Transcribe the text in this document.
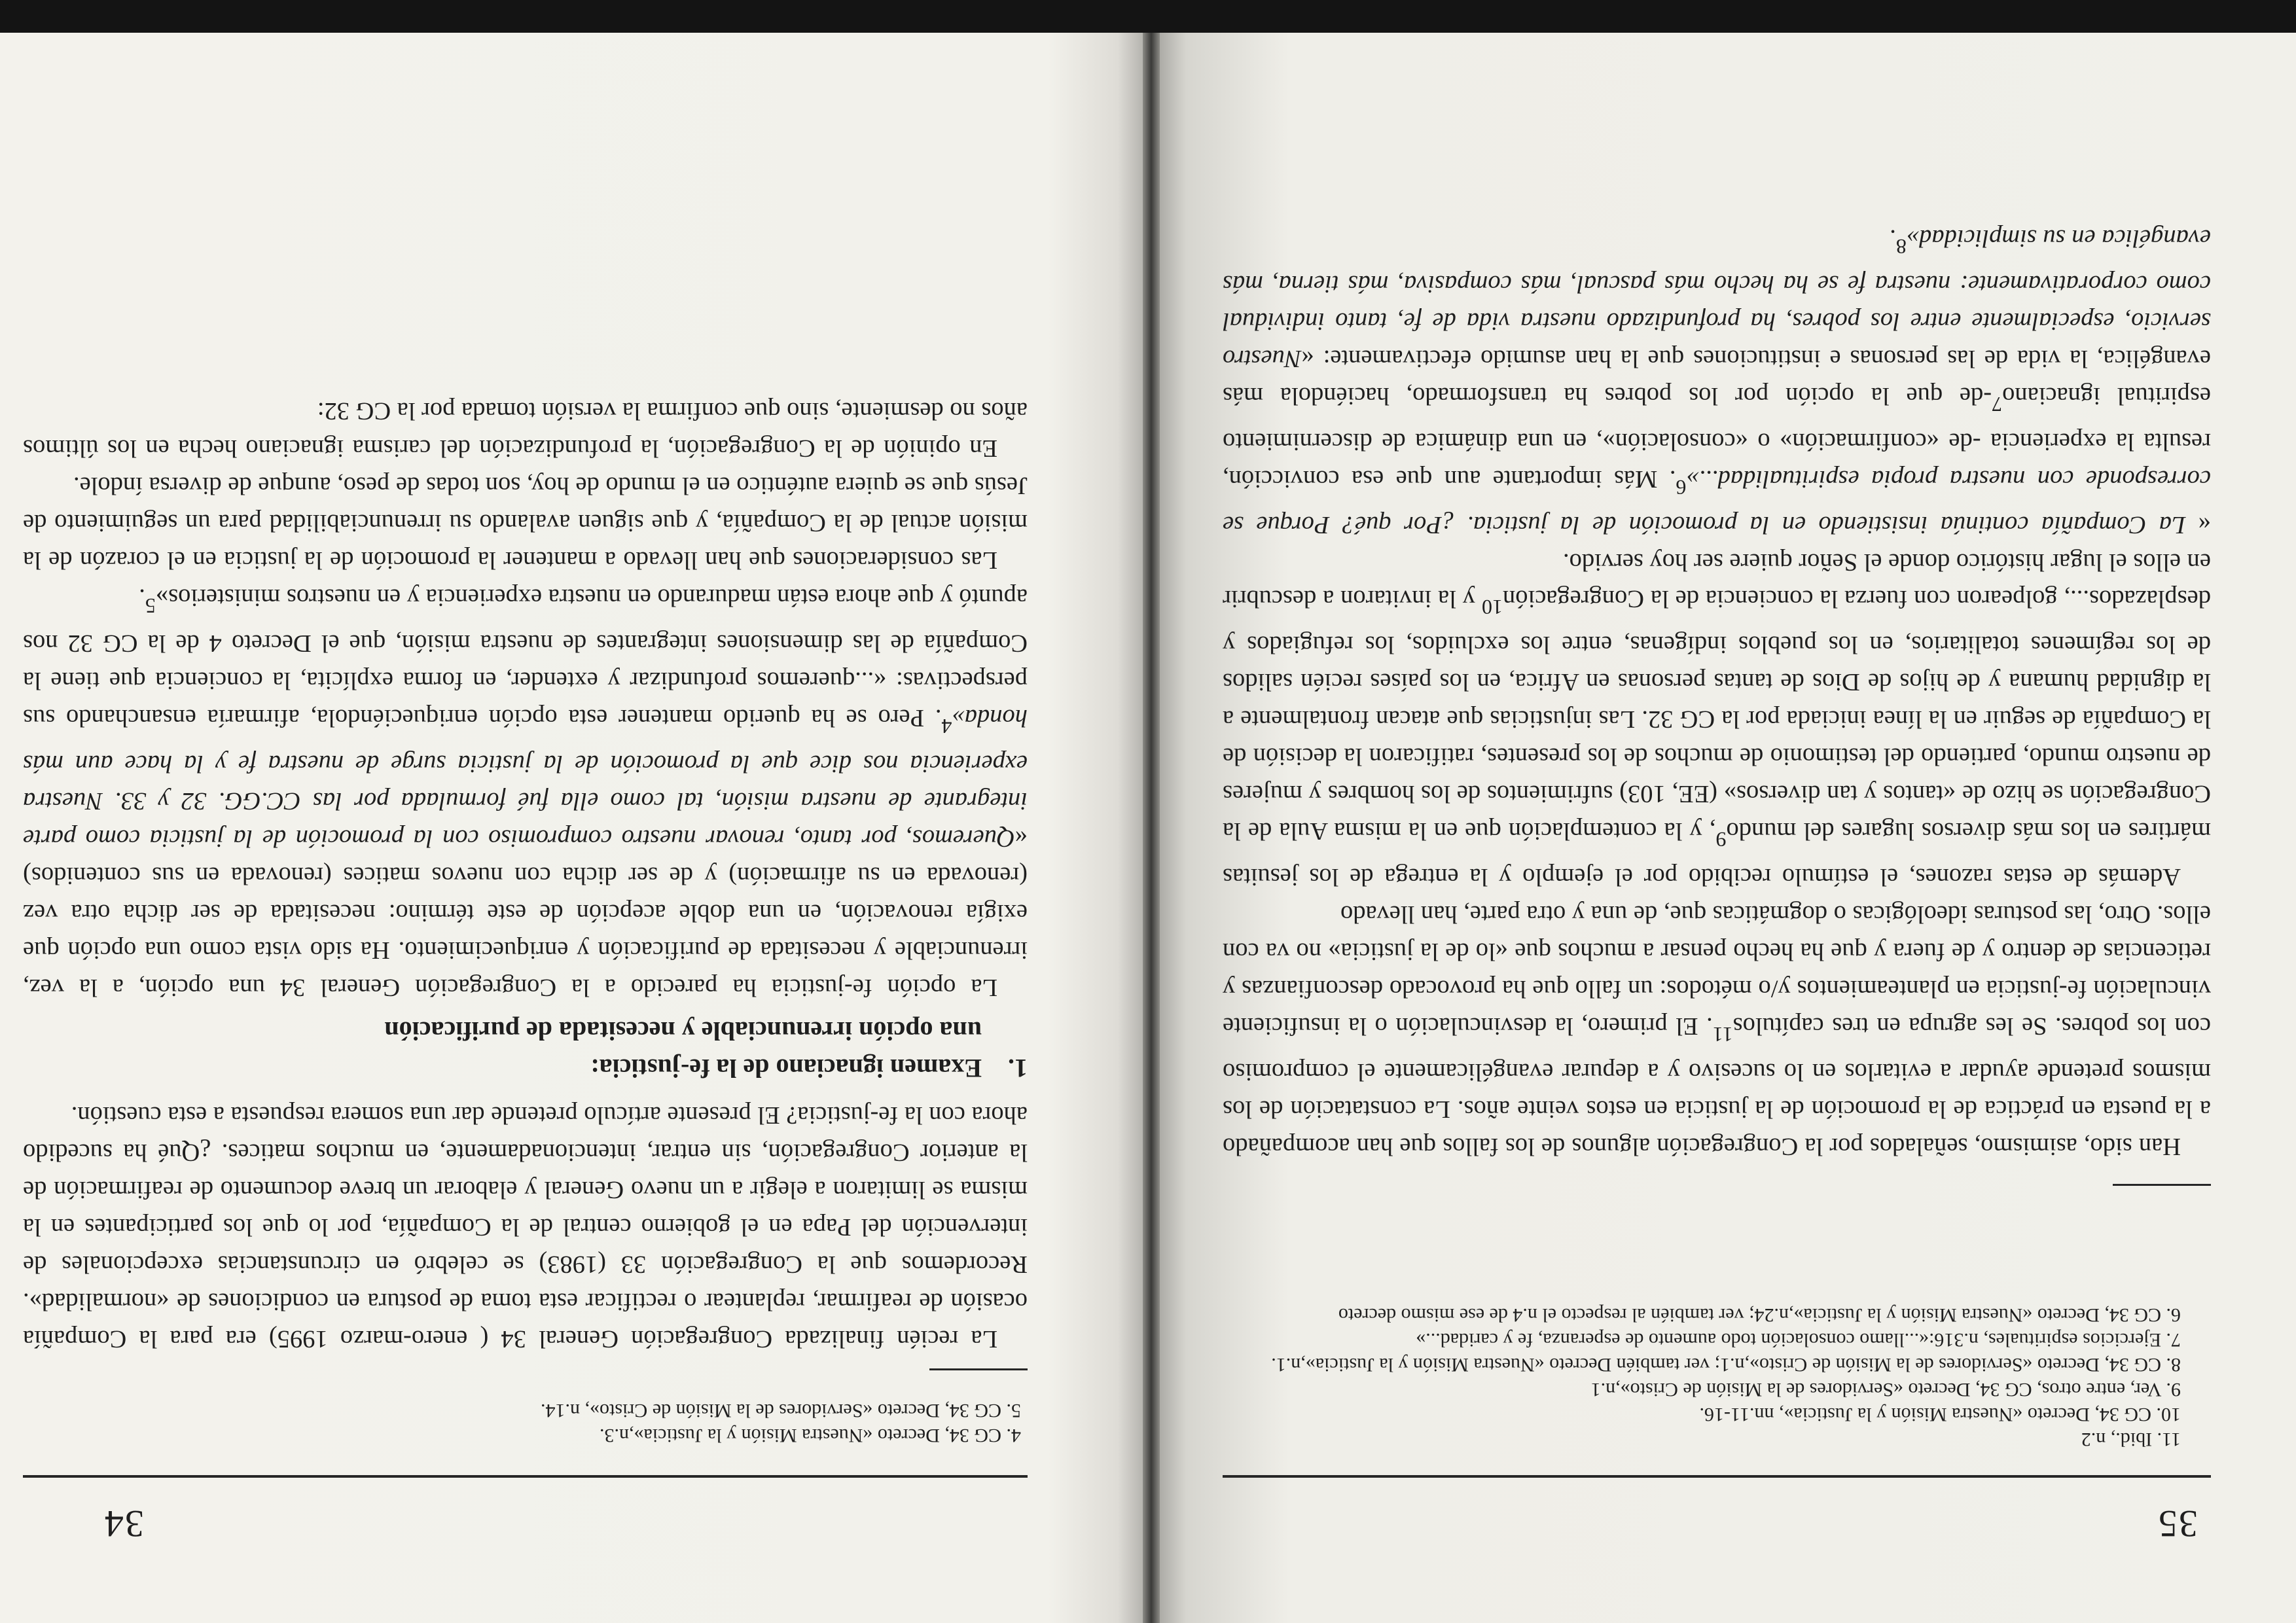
34
4. CG 34, Decreto «Nuestra Misión y la Justicia»,n.3.
5. CG 34, Decreto «Servidores de la Misión de Cristo», n.14.

La recién finalizada Congregación General 34 ( enero-marzo 1995) era para la Compañía ocasión de reafirmar, replantear o rectificar esta toma de postura en condiciones de «normalidad». Recordemos que la Congregación 33 (1983) se celebró en circunstancias excepcionales de intervención del Papa en el gobierno central de la Compañía, por lo que los participantes en la misma se limitaron a elegir a un nuevo General y elaborar un breve documento de reafirmación de la anterior Congregación, sin entrar, intencionadamente, en muchos matices. ¿Qué ha sucedido ahora con la fe-justicia? El presente artículo pretende dar una somera respuesta a esta cuestión.

1.Examen ignaciano de la fe-justicia:
una opción irrenunciable y necesitada de purificación

La opción fe-justicia ha parecido a la Congregación General 34 una opción, a la vez, irrenunciable y necesitada de purificación y enriquecimiento. Ha sido vista como una opción que exigía renovación, en una doble acepción de este término: necesitada de ser dicha otra vez (renovada en su afirmación) y de ser dicha con nuevos matices (renovada en sus contenidos) «Queremos, por tanto, renovar nuestro compromiso con la promoción de la justicia como parte integrante de nuestra misión, tal como ella fué formulada por las CC.GG. 32 y 33. Nuestra experiencia nos dice que la promoción de la justicia surge de nuestra fe y la hace aun más honda»$^4$. Pero se ha querido mantener esta opción enriqueciéndola, afirmaría ensanchando sus perspectivas: «...queremos profundizar y extender, en forma explícita, la conciencia que tiene la Compañía de las dimensiones integrantes de nuestra misión, que el Decreto 4 de la CG 32 nos apuntó y que ahora están madurando en nuestra experiencia y en nuestros ministerios»$^5$.

Las consideraciones que han llevado a mantener la promoción de la justicia en el corazón de la misión actual de la Compañía, y que siguen avalando su irrenunciabilidad para un seguimiento de Jesús que se quiera auténtico en el mundo de hoy, son todas de peso, aunque de diversa índole.

En opinión de la Congregación, la profundización del carisma ignaciano hecha en los últimos años no desmiente, sino que confirma la versión tomada por la CG 32:

35
11. Ibid., n.2
10. CG 34, Decreto «Nuestra Misión y la Justicia», nn.11-16.
9. Ver, entre otros, CG 34, Decreto «Servidores de la Misión de Cristo»,n.1
8. CG 34, Decreto «Servidores de la Misión de Cristo»,n.1; ver también Decreto «Nuestra Misión y la Justicia»,n.1.
7. Ejercicios espirituales, n.316:«...llamo consolación todo aumento de esperanza, fe y caridad...»
6. CG 34, Decreto «Nuestra Misión y la Justicia»,n.24; ver también al respecto el n.4 de ese mismo decreto

Han sido, asimismo, señalados por la Congregación algunos de los fallos que han acompañado a la puesta en práctica de la promoción de la justicia en estos veinte años. La constatación de los mismos pretende ayudar a evitarlos en lo sucesivo y a depurar evangélicamente el compromiso con los pobres. Se les agrupa en tres capítulos$^{11}$. El primero, la desvinculación o la insuficiente vinculación fe-justicia en planteamientos y/o métodos: un fallo que ha provocado desconfianzas y reticencias de dentro y de fuera y que ha hecho pensar a muchos que «lo de la justicia» no va con ellos. Otro, las posturas ideológicas o dogmáticas que, de una y otra parte, han llevado

Además de estas razones, el estímulo recibido por el ejemplo y la entrega de los jesuitas mártires en los más diversos lugares del mundo$^9$, y la contemplación que en la misma Aula de la Congregación se hizo de «tantos y tan diversos» (EE, 103) sufrimientos de los hombres y mujeres de nuestro mundo, partiendo del testimonio de muchos de los presentes, ratificaron la decisión de la Compañía de seguir en la línea iniciada por la CG 32. Las injusticias que atacan frontalmente a la dignidad humana y de hijos de Dios de tantas personas en Africa, en los países recién salidos de los regímenes totalitarios, en los pueblos indígenas, entre los excluidos, los refugiados y desplazados..., golpearon con fuerza la conciencia de la Congregación$^{10}$ y la invitaron a descubrir en ellos el lugar histórico donde el Señor quiere ser hoy servido.

« La Compañía continúa insistiendo en la promoción de la justicia. ¿Por qué? Porque se corresponde con nuestra propia espiritualidad...»$^6$. Más importante aun que esa convicción, resulta la experiencia -de «confirmación» o «consolación», en una dinámica de discernimiento espiritual ignaciano$^7$-de que la opción por los pobres ha transformado, haciéndola más evangélica, la vida de las personas e instituciones que la han asumido efectivamente: «Nuestro servicio, especialmente entre los pobres, ha profundizado nuestra vida de fe, tanto individual como corporativamente: nuestra fe se ha hecho más pascual, más compasiva, más tierna, más evangélica en su simplicidad»$^8$.
